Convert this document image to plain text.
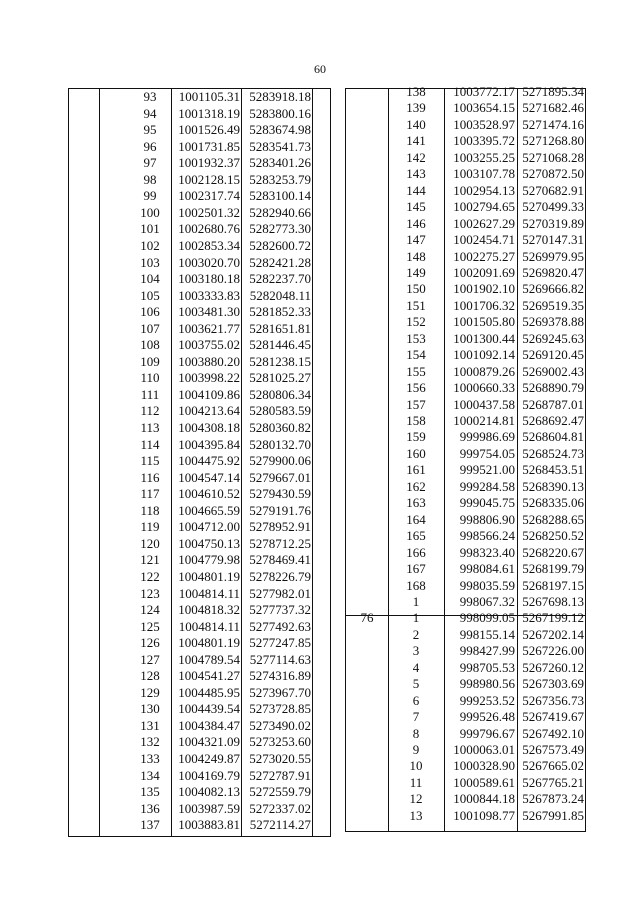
60
93	1001105.31 5283918.18
94	1001318.19 5283800.16
95	1001526.49 5283674.98
96	1001731.85 5283541.73
97	1001932.37 5283401.26
98	1002128.15 5283253.79
99	1002317.74 5283100.14
100	1002501.32 5282940.66
101	1002680.76 5282773.30
102	1002853.34 5282600.72
103	1003020.70 5282421.28
104	1003180.18 5282237.70
105	1003333.83 5282048.11
106	1003481.30 5281852.33
107	1003621.77 5281651.81
108	1003755.02 5281446.45
109	1003880.20 5281238.15
110	1003998.22 5281025.27
111	1004109.86 5280806.34
112	1004213.64 5280583.59
113	1004308.18 5280360.82
114	1004395.84 5280132.70
115	1004475.92 5279900.06
116	1004547.14 5279667.01
117	1004610.52 5279430.59
118	1004665.59 5279191.76
119	1004712.00 5278952.91
120	1004750.13 5278712.25
121	1004779.98 5278469.41
122	1004801.19 5278226.79
123	1004814.11 5277982.01
124	1004818.32 5277737.32
125	1004814.11 5277492.63
126	1004801.19 5277247.85
127	1004789.54 5277114.63
128	1004541.27 5274316.89
129	1004485.95 5273967.70
130	1004439.54 5273728.85
131	1004384.47 5273490.02
132	1004321.09 5273253.60
133	1004249.87 5273020.55
134	1004169.79 5272787.91
135	1004082.13 5272559.79
136	1003987.59 5272337.02
137	1003883.81 5272114.27
138	1003772.17 5271895.34
139	1003654.15 5271682.46
140	1003528.97 5271474.16
141	1003395.72 5271268.80
142	1003255.25 5271068.28
143	1003107.78 5270872.50
144	1002954.13 5270682.91
145	1002794.65 5270499.33
146	1002627.29 5270319.89
147	1002454.71 5270147.31
148	1002275.27 5269979.95
149	1002091.69 5269820.47
150	1001902.10 5269666.82
151	1001706.32 5269519.35
152	1001505.80 5269378.88
153	1001300.44 5269245.63
154	1001092.14 5269120.45
155	1000879.26 5269002.43
156	1000660.33 5268890.79
157	1000437.58 5268787.01
158	1000214.81 5268692.47
159	999986.69 5268604.81
160	999754.05 5268524.73
161	999521.00 5268453.51
162	999284.58 5268390.13
163	999045.75 5268335.06
164	998806.90 5268288.65
165	998566.24 5268250.52
166	998323.40 5268220.67
167	998084.61 5268199.79
168	998035.59 5268197.15
1	998067.32 5267698.13
76	1	998099.05 5267199.12
2	998155.14 5267202.14
3	998427.99 5267226.00
4	998705.53 5267260.12
5	998980.56 5267303.69
6	999253.52 5267356.73
7	999526.48 5267419.67
8	999796.67 5267492.10
9	1000063.01 5267573.49
10	1000328.90 5267665.02
11	1000589.61 5267765.21
12	1000844.18 5267873.24
13	1001098.77 5267991.85
